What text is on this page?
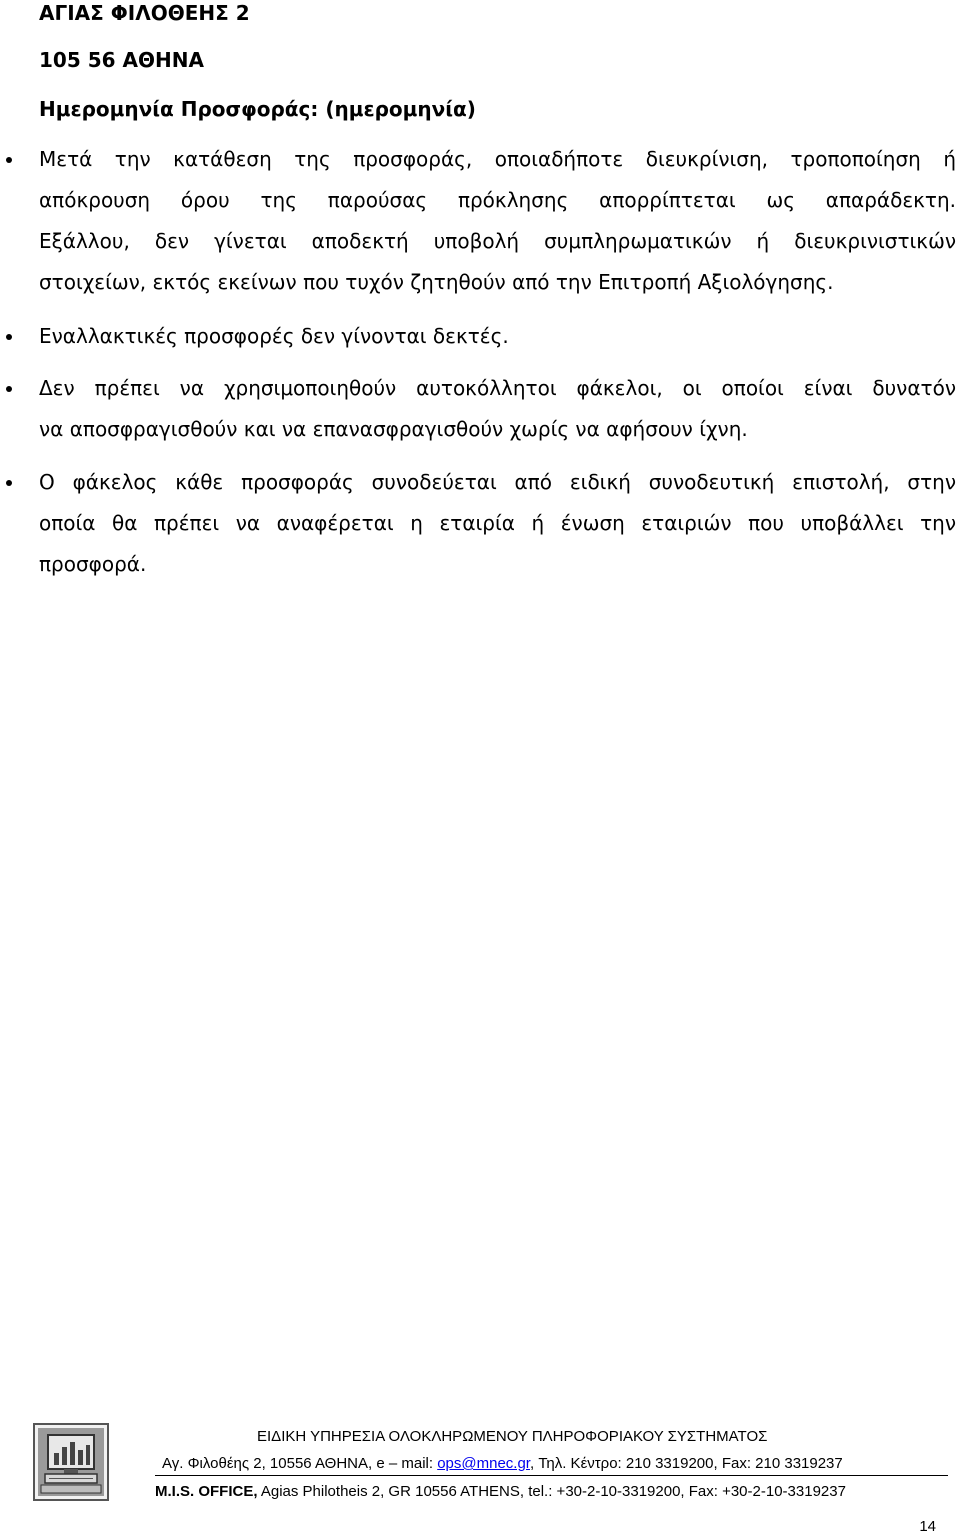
ΑΓΙΑΣ ΦΙΛΟΘΕΗΣ 2
105 56 ΑΘΗΝΑ
Ημερομηνία Προσφοράς: (ημερομηνία)
Μετά την κατάθεση της προσφοράς, οποιαδήποτε διευκρίνιση, τροποποίηση ή
απόκρουση όρου της παρούσας πρόκλησης απορρίπτεται ως απαράδεκτη.
Εξάλλου, δεν γίνεται αποδεκτή υποβολή συμπληρωματικών ή διευκρινιστικών
στοιχείων, εκτός εκείνων που τυχόν ζητηθούν από την Επιτροπή Αξιολόγησης.
Εναλλακτικές προσφορές δεν γίνονται δεκτές.
Δεν πρέπει να χρησιμοποιηθούν αυτοκόλλητοι φάκελοι, οι οποίοι είναι δυνατόν
να αποσφραγισθούν και να επανασφραγισθούν χωρίς να αφήσουν ίχνη.
Ο φάκελος κάθε προσφοράς συνοδεύεται από ειδική συνοδευτική επιστολή, στην
οποία θα πρέπει να αναφέρεται η εταιρία ή ένωση εταιριών που υποβάλλει την
προσφορά.
ΕΙΔΙΚΗ ΥΠΗΡΕΣΙΑ ΟΛΟΚΛΗΡΩΜΕΝΟΥ ΠΛΗΡΟΦΟΡΙΑΚΟΥ ΣΥΣΤΗΜΑΤΟΣ
Αγ. Φιλοθέης 2, 10556 ΑΘΗΝΑ, e – mail: ops@mnec.gr, Τηλ. Κέντρο: 210 3319200, Fax: 210 3319237
M.I.S. OFFICE, Agias Philotheis 2, GR 10556 ATHENS, tel.: +30-2-10-3319200, Fax: +30-2-10-3319237
14
